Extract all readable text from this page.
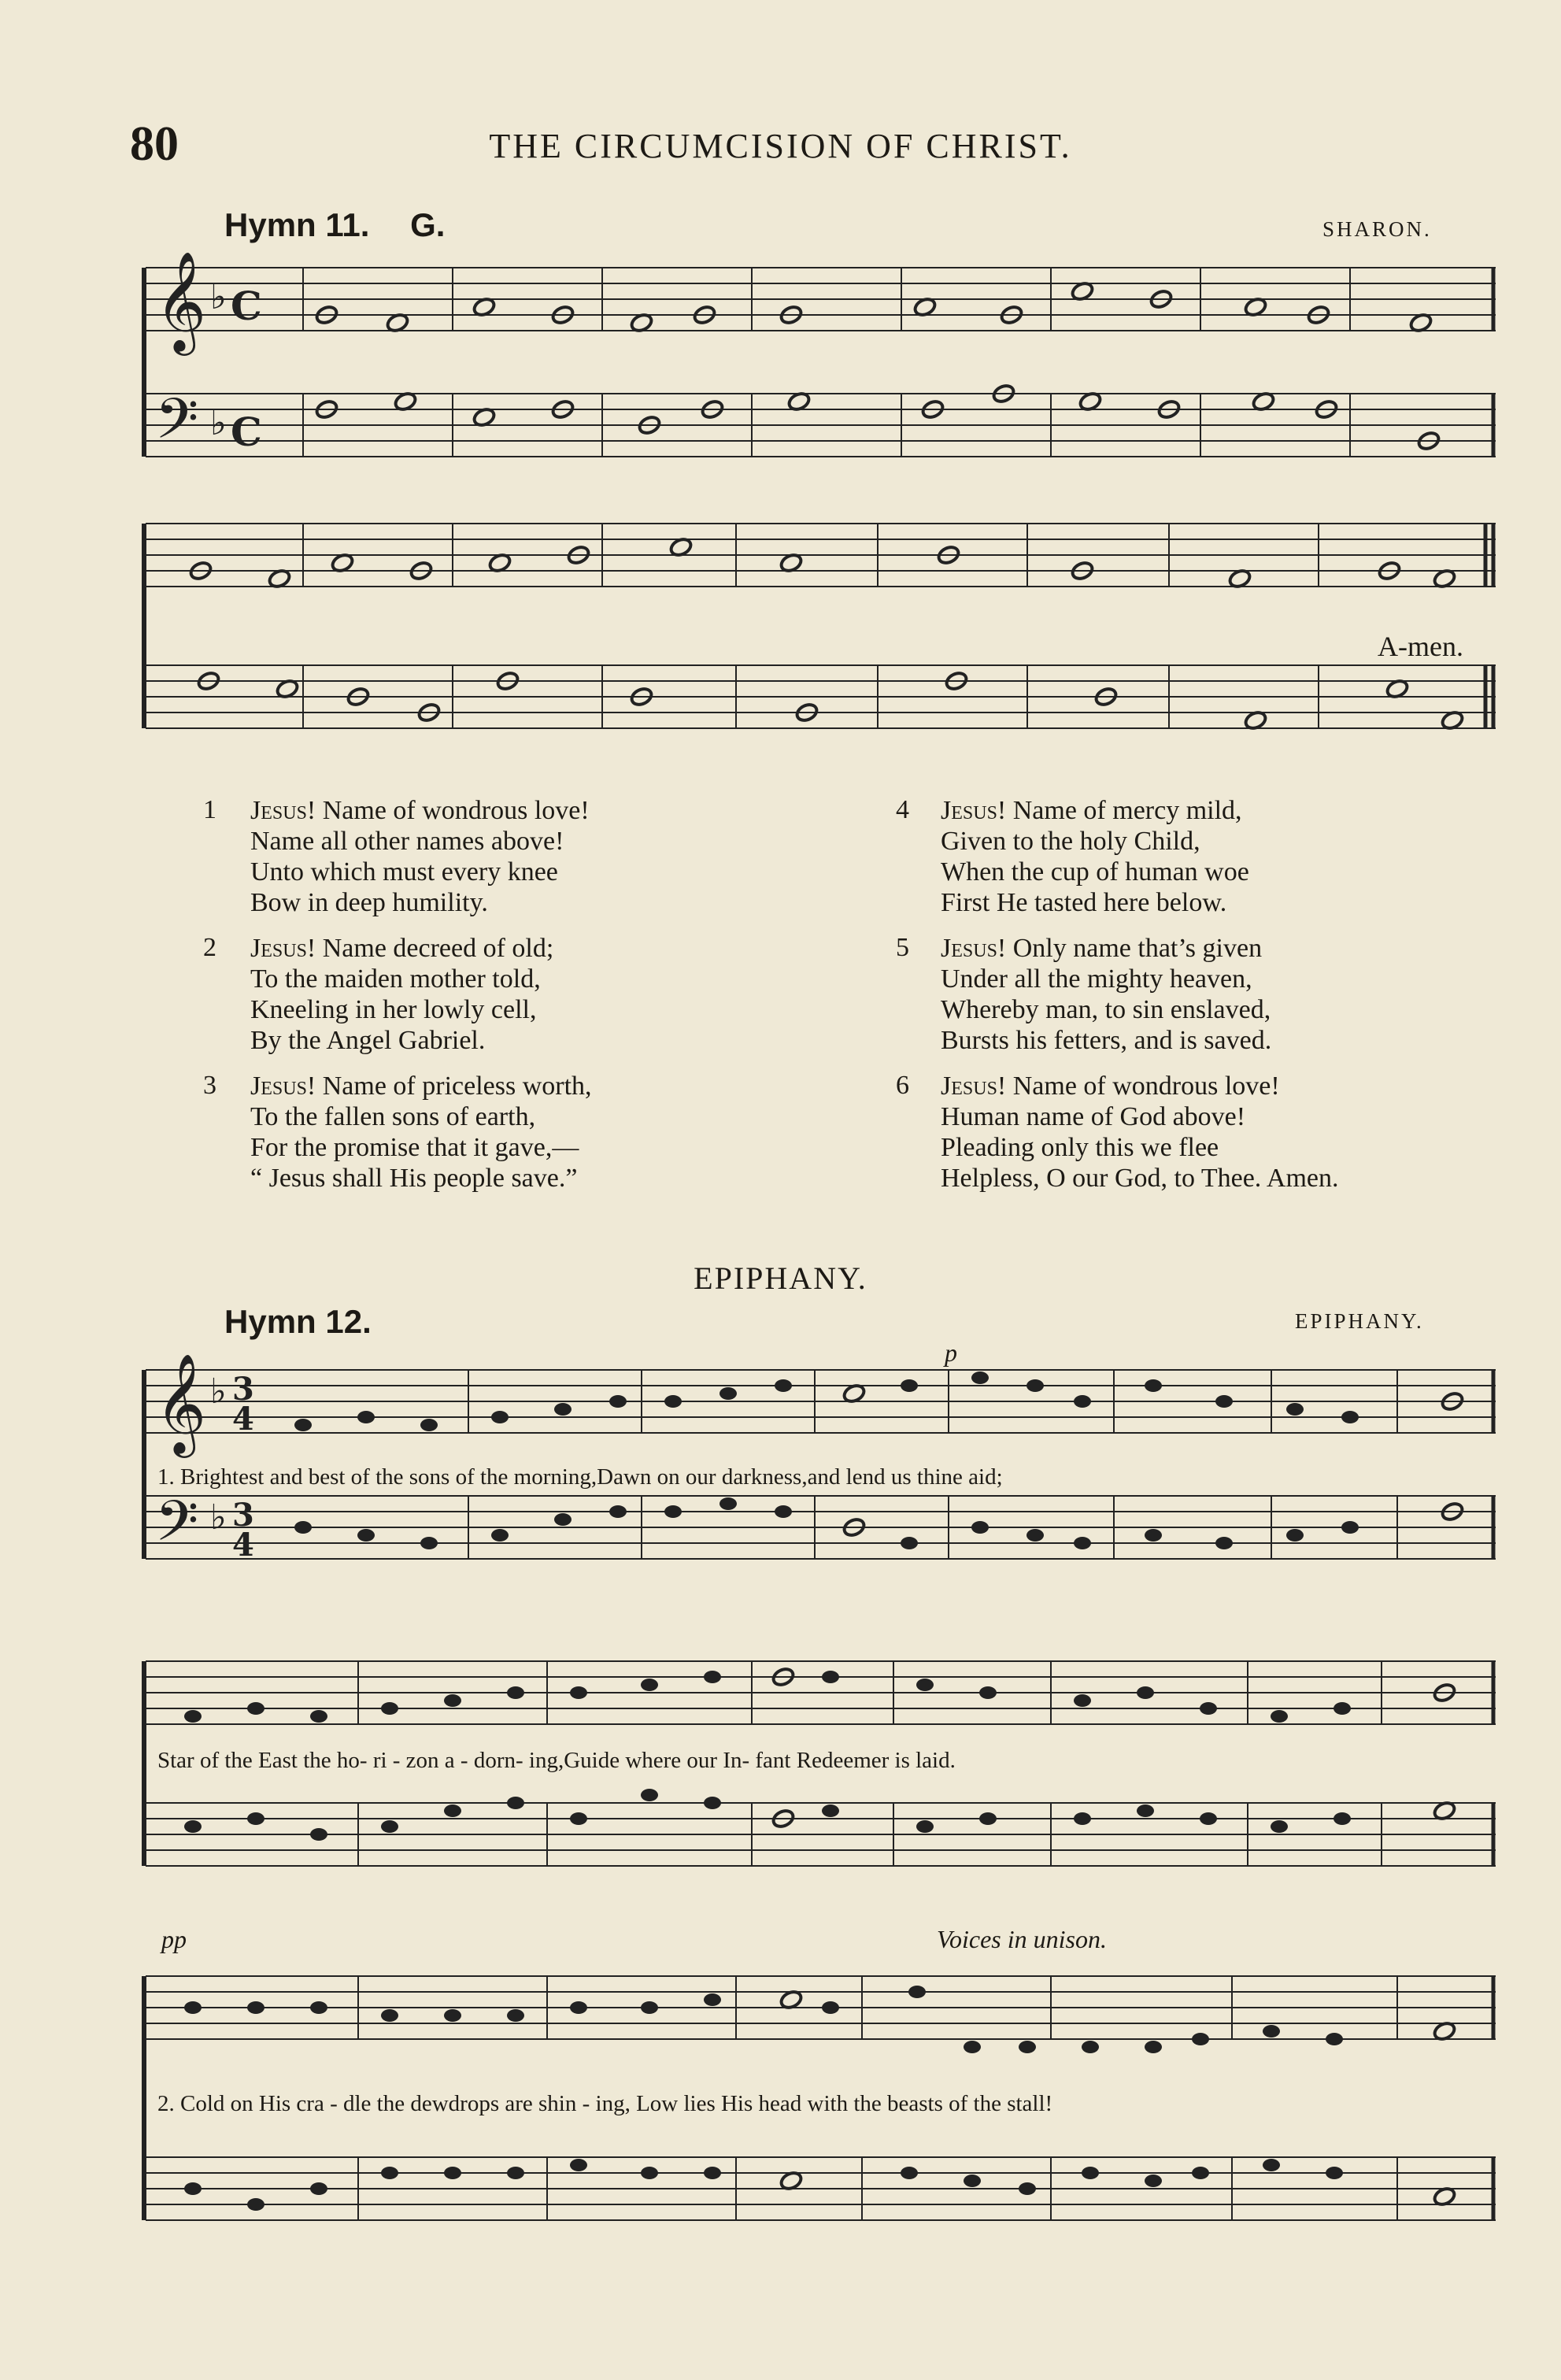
80	THE CIRCUMCISION OF CHRIST.
Hymn 11. G.	SHARON.
𝄞
𝄢
♭
♭
C
C
A-men.
1 Jesus! Name of wondrous love!
Name all other names above!
Unto which must every knee
Bow in deep humility.
2 Jesus! Name decreed of old;
To the maiden mother told,
Kneeling in her lowly cell,
By the Angel Gabriel.
3 Jesus! Name of priceless worth,
To the fallen sons of earth,
For the promise that it gave,—
“ Jesus shall His people save.”
4 Jesus! Name of mercy mild,
Given to the holy Child,
When the cup of human woe
First He tasted here below.
5 Jesus! Only name that’s given
Under all the mighty heaven,
Whereby man, to sin enslaved,
Bursts his fetters, and is saved.
6 Jesus! Name of wondrous love!
Human name of God above!
Pleading only this we flee
Helpless, O our God, to Thee. Amen.
EPIPHANY.
Hymn 12.	EPIPHANY.
𝄞
𝄢
♭
♭
3
4
3
4
p
1. Brightest and best of the sons of the morning,Dawn on our darkness,and lend us thine aid;
Star of the East the ho- ri - zon a - dorn- ing,Guide where our In- fant Redeemer is laid.
pp	Voices in unison.
2. Cold on His cra - dle the dewdrops are shin - ing, Low lies His head with the beasts of the stall!
